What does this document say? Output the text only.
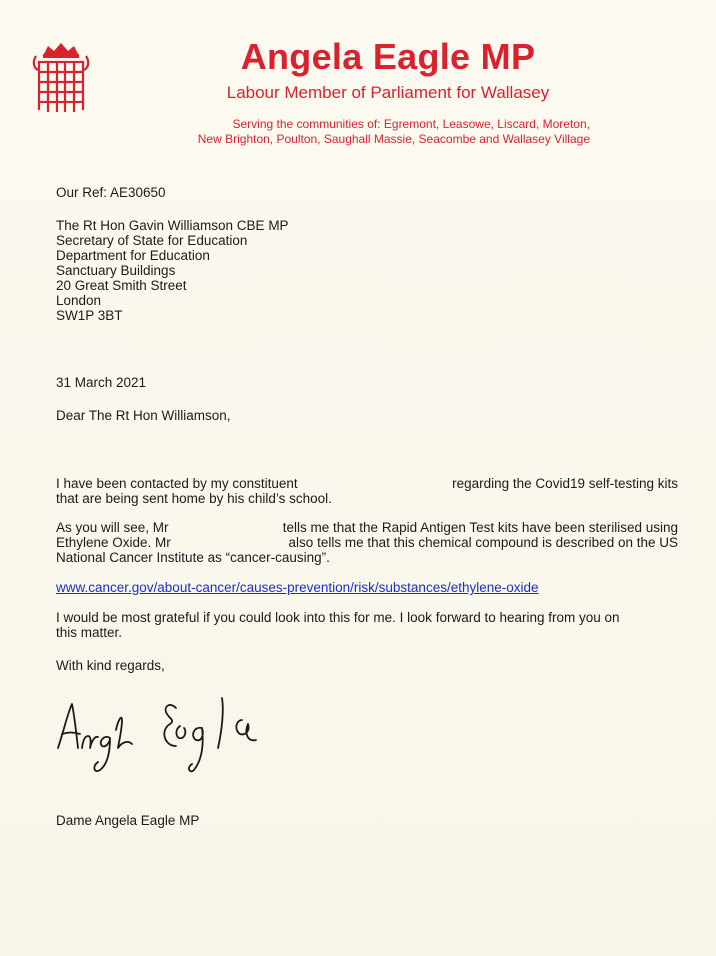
Angela Eagle MP
Labour Member of Parliament for Wallasey
Serving the communities of: Egremont, Leasowe, Liscard, Moreton,
New Brighton, Poulton, Saughall Massie, Seacombe and Wallasey Village
Our Ref: AE30650
The Rt Hon Gavin Williamson CBE MP
Secretary of State for Education
Department for Education
Sanctuary Buildings
20 Great Smith Street
London
SW1P 3BT
31 March 2021
Dear The Rt Hon Williamson,
I have been contacted by my constituent	regarding the Covid19 self-testing kits
that are being sent home by his child’s school.
As you will see, Mr	tells me that the Rapid Antigen Test kits have been sterilised using
Ethylene Oxide. Mr	also tells me that this chemical compound is described on the US
National Cancer Institute as “cancer-causing”.
www.cancer.gov/about-cancer/causes-prevention/risk/substances/ethylene-oxide
I would be most grateful if you could look into this for me. I look forward to hearing from you on
this matter.
With kind regards,
Dame Angela Eagle MP
